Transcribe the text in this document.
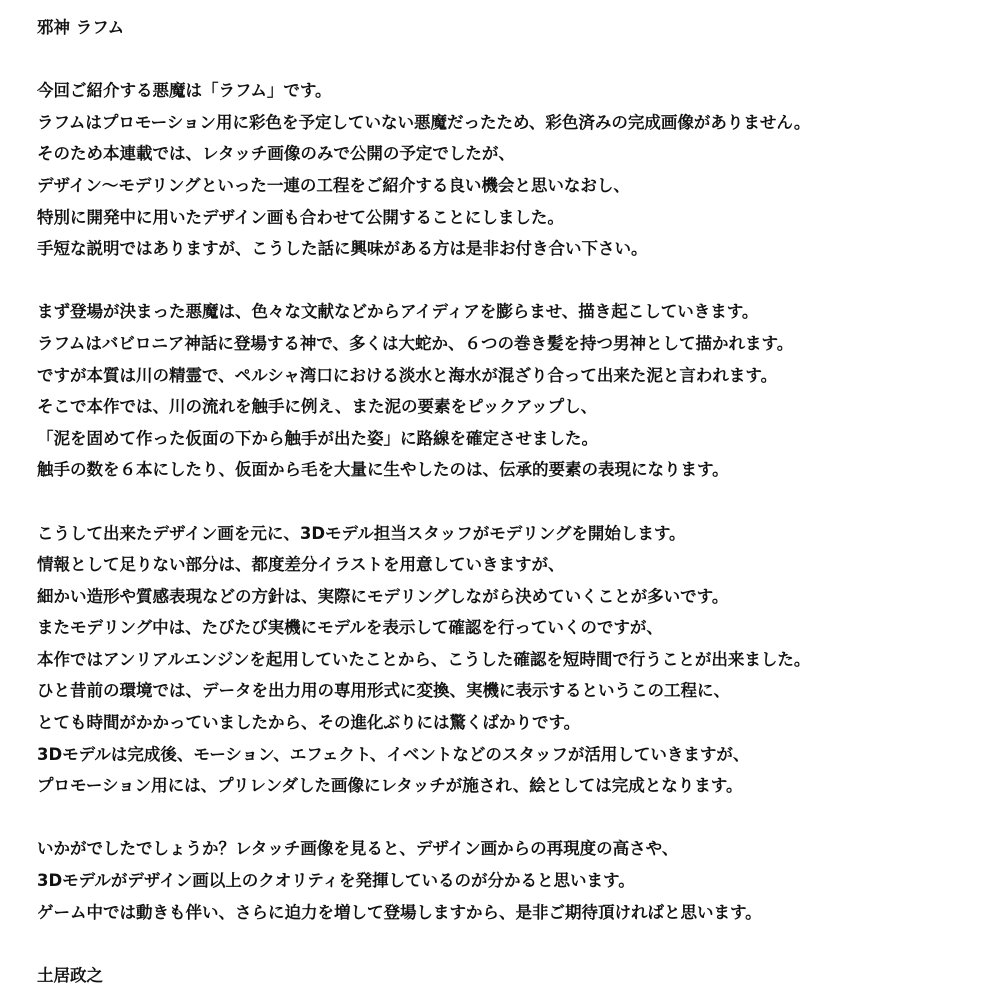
邪神 ラフム
今回ご紹介する悪魔は「ラフム」です。
ラフムはプロモーション用に彩色を予定していない悪魔だったため、彩色済みの完成画像がありません。
そのため本連載では、レタッチ画像のみで公開の予定でしたが、
デザイン～モデリングといった一連の工程をご紹介する良い機会と思いなおし、
特別に開発中に用いたデザイン画も合わせて公開することにしました。
手短な説明ではありますが、こうした話に興味がある方は是非お付き合い下さい。
まず登場が決まった悪魔は、色々な文献などからアイディアを膨らませ、描き起こしていきます。
ラフムはバビロニア神話に登場する神で、多くは大蛇か、６つの巻き髪を持つ男神として描かれます。
ですが本質は川の精霊で、ペルシャ湾口における淡水と海水が混ざり合って出来た泥と言われます。
そこで本作では、川の流れを触手に例え、また泥の要素をピックアップし、
「泥を固めて作った仮面の下から触手が出た姿」に路線を確定させました。
触手の数を６本にしたり、仮面から毛を大量に生やしたのは、伝承的要素の表現になります。
こうして出来たデザイン画を元に、3Dモデル担当スタッフがモデリングを開始します。
情報として足りない部分は、都度差分イラストを用意していきますが、
細かい造形や質感表現などの方針は、実際にモデリングしながら決めていくことが多いです。
またモデリング中は、たびたび実機にモデルを表示して確認を行っていくのですが、
本作ではアンリアルエンジンを起用していたことから、こうした確認を短時間で行うことが出来ました。
ひと昔前の環境では、データを出力用の専用形式に変換、実機に表示するというこの工程に、
とても時間がかかっていましたから、その進化ぶりには驚くばかりです。
3Dモデルは完成後、モーション、エフェクト、イベントなどのスタッフが活用していきますが、
プロモーション用には、プリレンダした画像にレタッチが施され、絵としては完成となります。
いかがでしたでしょうか？レタッチ画像を見ると、デザイン画からの再現度の高さや、
3Dモデルがデザイン画以上のクオリティを発揮しているのが分かると思います。
ゲーム中では動きも伴い、さらに迫力を増して登場しますから、是非ご期待頂ければと思います。
土居政之
